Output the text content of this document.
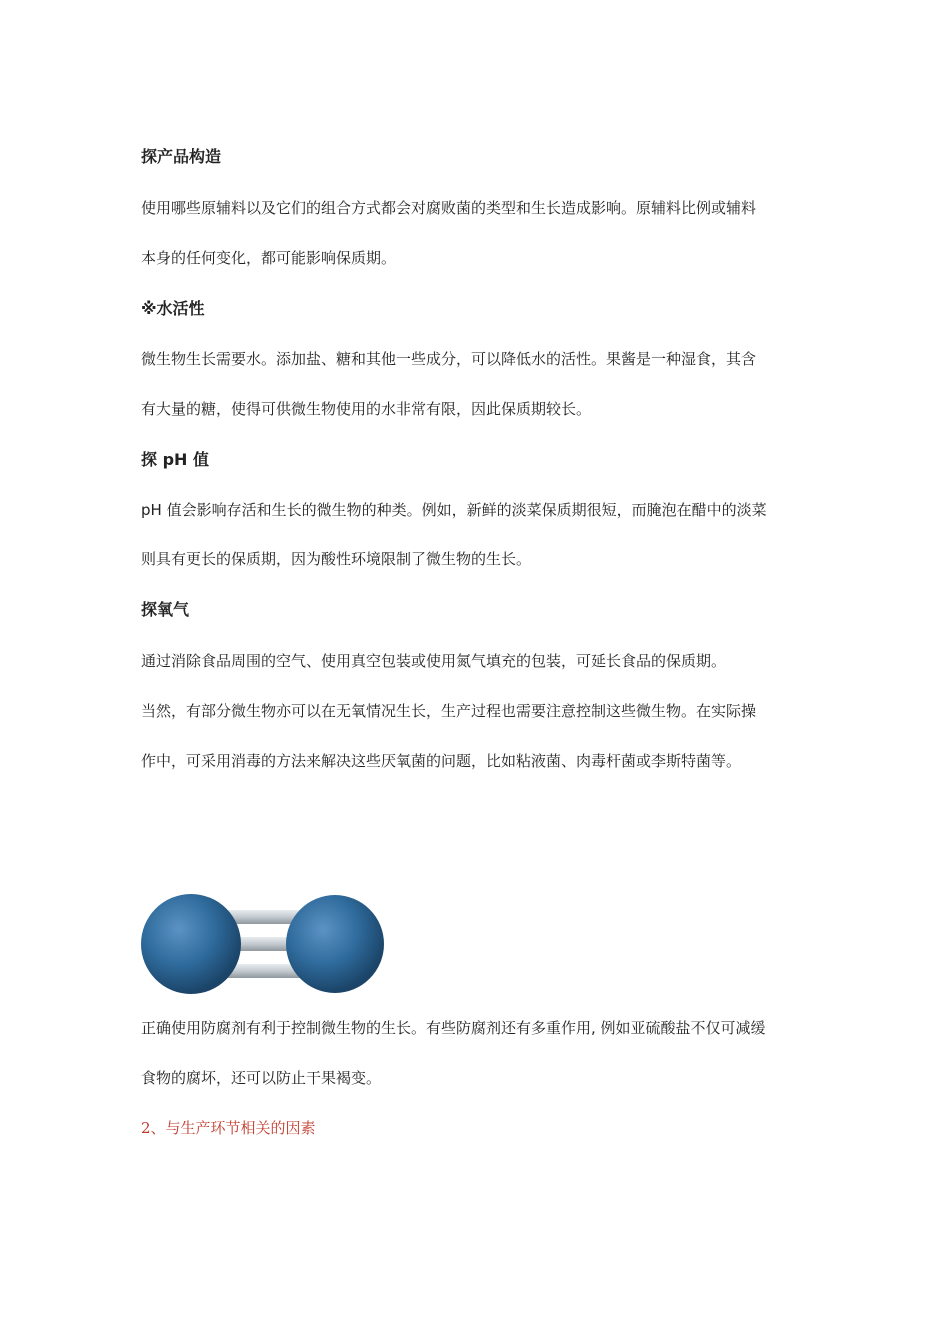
探产品构造
使用哪些原辅料以及它们的组合方式都会对腐败菌的类型和生长造成影响。原辅料比例或辅料
本身的任何变化，都可能影响保质期。
※水活性
微生物生长需要水。添加盐、糖和其他一些成分，可以降低水的活性。果酱是一种湿食，其含
有大量的糖，使得可供微生物使用的水非常有限，因此保质期较长。
探 pH 值
pH 值会影响存活和生长的微生物的种类。例如，新鲜的淡菜保质期很短，而腌泡在醋中的淡菜
则具有更长的保质期，因为酸性环境限制了微生物的生长。
探氧气
通过消除食品周围的空气、使用真空包装或使用氮气填充的包装，可延长食品的保质期。
当然，有部分微生物亦可以在无氧情况生长，生产过程也需要注意控制这些微生物。在实际操
作中，可采用消毒的方法来解决这些厌氧菌的问题，比如粘液菌、肉毒杆菌或李斯特菌等。
正确使用防腐剂有利于控制微生物的生长。有些防腐剂还有多重作用, 例如亚硫酸盐不仅可减缓
食物的腐坏，还可以防止干果褐变。
2、与生产环节相关的因素
